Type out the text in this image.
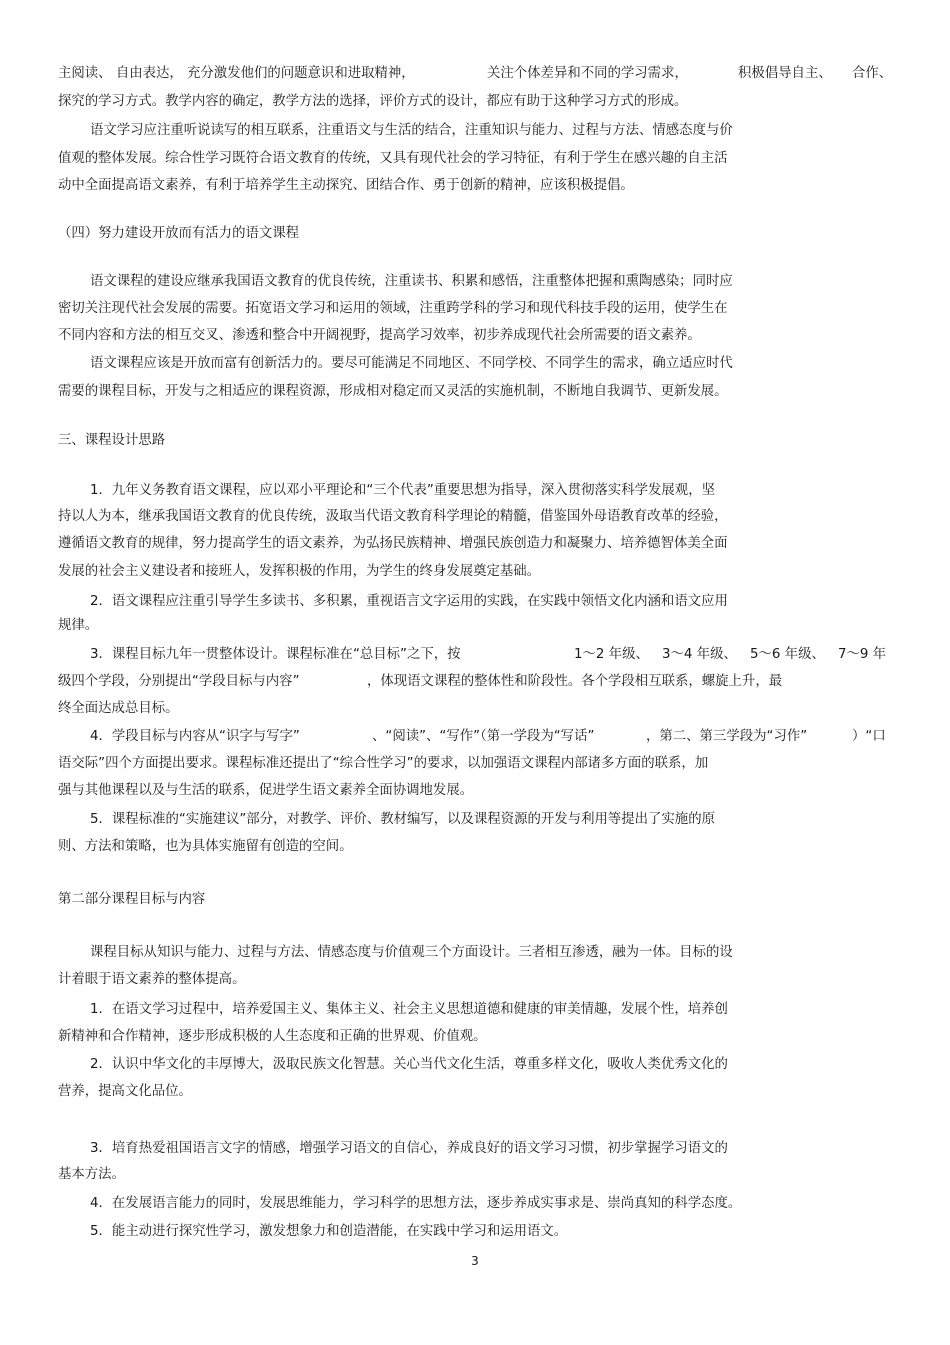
主阅读、 自由表达， 充分激发他们的问题意识和进取精神，	关注个体差异和不同的学习需求，	积极倡导自主、 合作、
探究的学习方式。教学内容的确定，教学方法的选择，评价方式的设计，都应有助于这种学习方式的形成。
语文学习应注重听说读写的相互联系，注重语文与生活的结合，注重知识与能力、过程与方法、情感态度与价
值观的整体发展。综合性学习既符合语文教育的传统，又具有现代社会的学习特征，有利于学生在感兴趣的自主活
动中全面提高语文素养，有利于培养学生主动探究、团结合作、勇于创新的精神，应该积极提倡。
（四）努力建设开放而有活力的语文课程
语文课程的建设应继承我国语文教育的优良传统，注重读书、积累和感悟，注重整体把握和熏陶感染；同时应
密切关注现代社会发展的需要。拓宽语文学习和运用的领域，注重跨学科的学习和现代科技手段的运用，使学生在
不同内容和方法的相互交叉、渗透和整合中开阔视野，提高学习效率，初步养成现代社会所需要的语文素养。
语文课程应该是开放而富有创新活力的。要尽可能满足不同地区、不同学校、不同学生的需求，确立适应时代
需要的课程目标，开发与之相适应的课程资源，形成相对稳定而又灵活的实施机制，不断地自我调节、更新发展。
三、课程设计思路
1．九年义务教育语文课程，应以邓小平理论和“三个代表”重要思想为指导，深入贯彻落实科学发展观，坚
持以人为本，继承我国语文教育的优良传统，汲取当代语文教育科学理论的精髓，借鉴国外母语教育改革的经验，
遵循语文教育的规律，努力提高学生的语文素养，为弘扬民族精神、增强民族创造力和凝聚力、培养德智体美全面
发展的社会主义建设者和接班人，发挥积极的作用，为学生的终身发展奠定基础。
2．语文课程应注重引导学生多读书、多积累，重视语言文字运用的实践，在实践中领悟文化内涵和语文应用
规律。
3．课程目标九年一贯整体设计。课程标准在“总目标”之下，按	1～2 年级、 3～4 年级、 5～6 年级、 7～9 年
级四个学段，分别提出“学段目标与内容”	，体现语文课程的整体性和阶段性。各个学段相互联系，螺旋上升，最
终全面达成总目标。
4．学段目标与内容从“识字与写字”	、“阅读”、“写作”（第一学段为“写话”	，第二、第三学段为“习作”	）“口
语交际”四个方面提出要求。课程标准还提出了“综合性学习”的要求，以加强语文课程内部诸多方面的联系，加
强与其他课程以及与生活的联系，促进学生语文素养全面协调地发展。
5．课程标准的“实施建议”部分，对教学、评价、教材编写，以及课程资源的开发与利用等提出了实施的原
则、方法和策略，也为具体实施留有创造的空间。
第二部分课程目标与内容
课程目标从知识与能力、过程与方法、情感态度与价值观三个方面设计。三者相互渗透，融为一体。目标的设
计着眼于语文素养的整体提高。
1．在语文学习过程中，培养爱国主义、集体主义、社会主义思想道德和健康的审美情趣，发展个性，培养创
新精神和合作精神，逐步形成积极的人生态度和正确的世界观、价值观。
2．认识中华文化的丰厚博大，汲取民族文化智慧。关心当代文化生活，尊重多样文化，吸收人类优秀文化的
营养，提高文化品位。
3．培育热爱祖国语言文字的情感，增强学习语文的自信心，养成良好的语文学习习惯，初步掌握学习语文的
基本方法。
4．在发展语言能力的同时，发展思维能力，学习科学的思想方法，逐步养成实事求是、崇尚真知的科学态度。
5．能主动进行探究性学习，激发想象力和创造潜能，在实践中学习和运用语文。
3
